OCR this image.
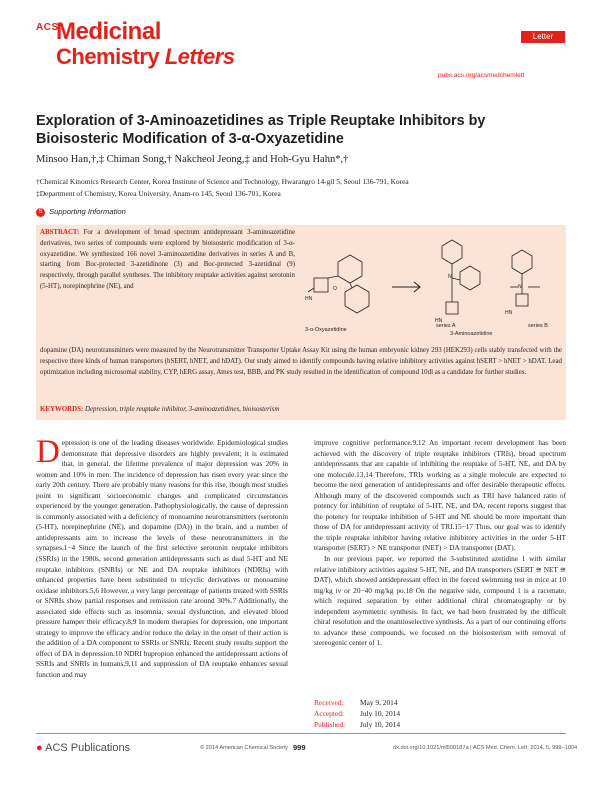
ACS
Medicinal
Chemistry Letters
Letter
pubs.acs.org/acsmedchemlett
Exploration of 3-Aminoazetidines as Triple Reuptake Inhibitors by Bioisosteric Modification of 3-α-Oxyazetidine
Minsoo Han,†,‡ Chiman Song,† Nakcheol Jeong,‡ and Hoh-Gyu Hahn*,†
†Chemical Kinomics Research Center, Korea Institute of Science and Technology, Hwarangro 14-gil 5, Seoul 136-791, Korea
‡Department of Chemistry, Korea University, Anam-ro 145, Seoul 136-701, Korea
S Supporting Information
ABSTRACT: For a development of broad spectrum antidepressant 3-aminoazetidine derivatives, two series of compounds were explored by bioisosteric modification of 3-α-oxyazetidine. We synthesized 166 novel 3-aminoazetidine derivatives in series A and B, starting from Boc-protected 3-azetidinone (3) and Boc-protected 3-azetidinal (9) respectively, through parallel syntheses. The inhibitory reuptake activities against serotonin (5-HT), norepinephrine (NE), and
dopamine (DA) neurotransmitters were measured by the Neurotransmitter Transporter Uptake Assay Kit using the human embryonic kidney 293 (HEK293) cells stably transfected with the respective three kinds of human transporters (hSERT, hNET, and hDAT). Our study aimed to identify compounds having relative inhibitory activities against hSERT > hNET > hDAT. Lead optimization including microsomal stability, CYP, hERG assay, Ames test, BBB, and PK study resulted in the identification of compound 10dl as a candidate for further studies.
KEYWORDS: Depression, triple reuptake inhibitor, 3-aminoazetidines, bioisosterism
HN
O
N
HN
N
HN
3-α-Oxyazetidine
3-Aminoazetidine
series A	series B

Depression is one of the leading diseases worldwide. Epidemiological studies demonstrate that depressive disorders are highly prevalent; it is estimated that, in general, the lifetime prevalence of major depression was 20% in women and 10% in men. The incidence of depression has risen every year since the early 20th century. There are probably many reasons for this rise, though most studies point to significant socioeconomic changes and complicated circumstances experienced by the younger generation. Pathophysiologically, the cause of depression is commonly associated with a deficiency of monoamine neurotransmitters (serotonin (5-HT), norepinephrine (NE), and dopamine (DA)) in the brain, and a number of antidepressants aim to increase the levels of these neurotransmitters in the synapses.1−4 Since the launch of the first selective serotonin reuptake inhibitors (SSRIs) in the 1980s, second generation antidepressants such as dual 5-HT and NE reuptake inhibitors (SNRIs) or NE and DA reuptake inhibitors (NDRIs) with enhanced properties have been substituted to tricyclic derivatives or monoamine oxidase inhibitors.5,6 However, a very large percentage of patients treated with SSRIs or SNRIs show partial responses and remission rate around 30%.7 Additionally, the associated side effects such as insomnia, sexual dysfunction, and elevated blood pressure hamper their efficacy.8,9 In modern therapies for depression, one important strategy to improve the efficacy and/or reduce the delay in the onset of their action is the addition of a DA component to SSRIs or SNRIs. Recent study results support the effect of DA in depression.10 NDRI bupropion enhanced the antidepressant actions of SSRIs and SNRIs in humans,9,11 and suppression of DA reuptake enhances sexual function and may

improve cognitive performance.9,12 An important recent development has been achieved with the discovery of triple reuptake inhibitors (TRIs), broad spectrum antidepressants that are capable of inhibiting the reuptake of 5-HT, NE, and DA by one molecule.13,14 Therefore, TRIs working as a single molecule are expected to become the next generation of antidepressants and offer desirable therapeutic effects. Although many of the discovered compounds such as TRI have balanced ratio of potency for inhibition of reuptake of 5-HT, NE, and DA, recent reports suggest that the potency for reuptake inhibition of 5-HT and NE should be more important than those of DA for antidepressant activity of TRI.15−17 Thus, our goal was to identify the triple reuptake inhibitor having relative inhibitory activities in the order 5-HT transporter (SERT) > NE transporter (NET) > DA transporter (DAT).

In our previous paper, we reported the 3-substituted azetidine 1 with similar relative inhibitory activities against 5-HT, NE, and DA transporters (SERT ≅ NET ≅ DAT), which showed antidepressant effect in the forced swimming test in mice at 10 mg/kg iv or 20−40 mg/kg po.18 On the negative side, compound 1 is a racemate, which required separation by either additional chiral chromatography or by independent asymmetric synthesis. In fact, we had been frustrated by the difficult chiral resolution and the enantioselective synthesis. As a part of our continuing efforts to advance these compounds, we focused on the bioisosterism with removal of stereogenic center of 1.

Received: May 9, 2014
Accepted: July 10, 2014
Published: July 10, 2014
● ACS Publications	© 2014 American Chemical Society 999	dx.doi.org/10.1021/ml500187a | ACS Med. Chem. Lett. 2014, 5, 999−1004
